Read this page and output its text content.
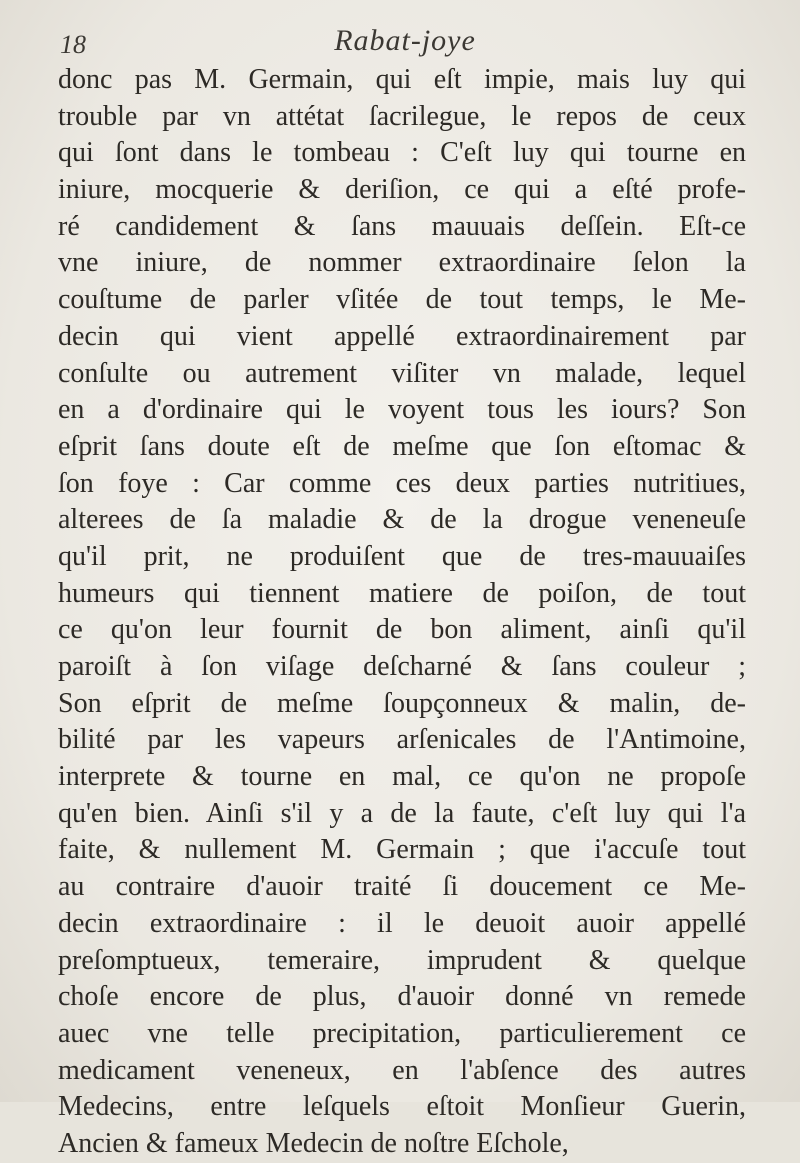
18	Rabat-joye
donc pas M. Germain, qui eſt impie, mais luy qui
trouble par vn attétat ſacrilegue, le repos de ceux
qui ſont dans le tombeau : C'eſt luy qui tourne en
iniure, mocquerie & deriſion, ce qui a eſté profe-
ré candidement & ſans mauuais deſſein. Eſt-ce
vne iniure, de nommer extraordinaire ſelon la
couſtume de parler vſitée de tout temps, le Me-
decin qui vient appellé extraordinairement par
conſulte ou autrement viſiter vn malade, lequel
en a d'ordinaire qui le voyent tous les iours? Son
eſprit ſans doute eſt de meſme que ſon eſtomac &
ſon foye : Car comme ces deux parties nutritiues,
alterees de ſa maladie & de la drogue veneneuſe
qu'il prit, ne produiſent que de tres-mauuaiſes
humeurs qui tiennent matiere de poiſon, de tout
ce qu'on leur fournit de bon aliment, ainſi qu'il
paroiſt à ſon viſage deſcharné & ſans couleur ;
Son eſprit de meſme ſoupçonneux & malin, de-
bilité par les vapeurs arſenicales de l'Antimoine,
interprete & tourne en mal, ce qu'on ne propoſe
qu'en bien. Ainſi s'il y a de la faute, c'eſt luy qui l'a
faite, & nullement M. Germain ; que i'accuſe tout
au contraire d'auoir traité ſi doucement ce Me-
decin extraordinaire : il le deuoit auoir appellé
preſomptueux, temeraire, imprudent & quelque
choſe encore de plus, d'auoir donné vn remede
auec vne telle precipitation, particulierement ce
medicament veneneux, en l'abſence des autres
Medecins, entre leſquels eſtoit Monſieur Guerin,
Ancien & fameux Medecin de noſtre Eſchole,
